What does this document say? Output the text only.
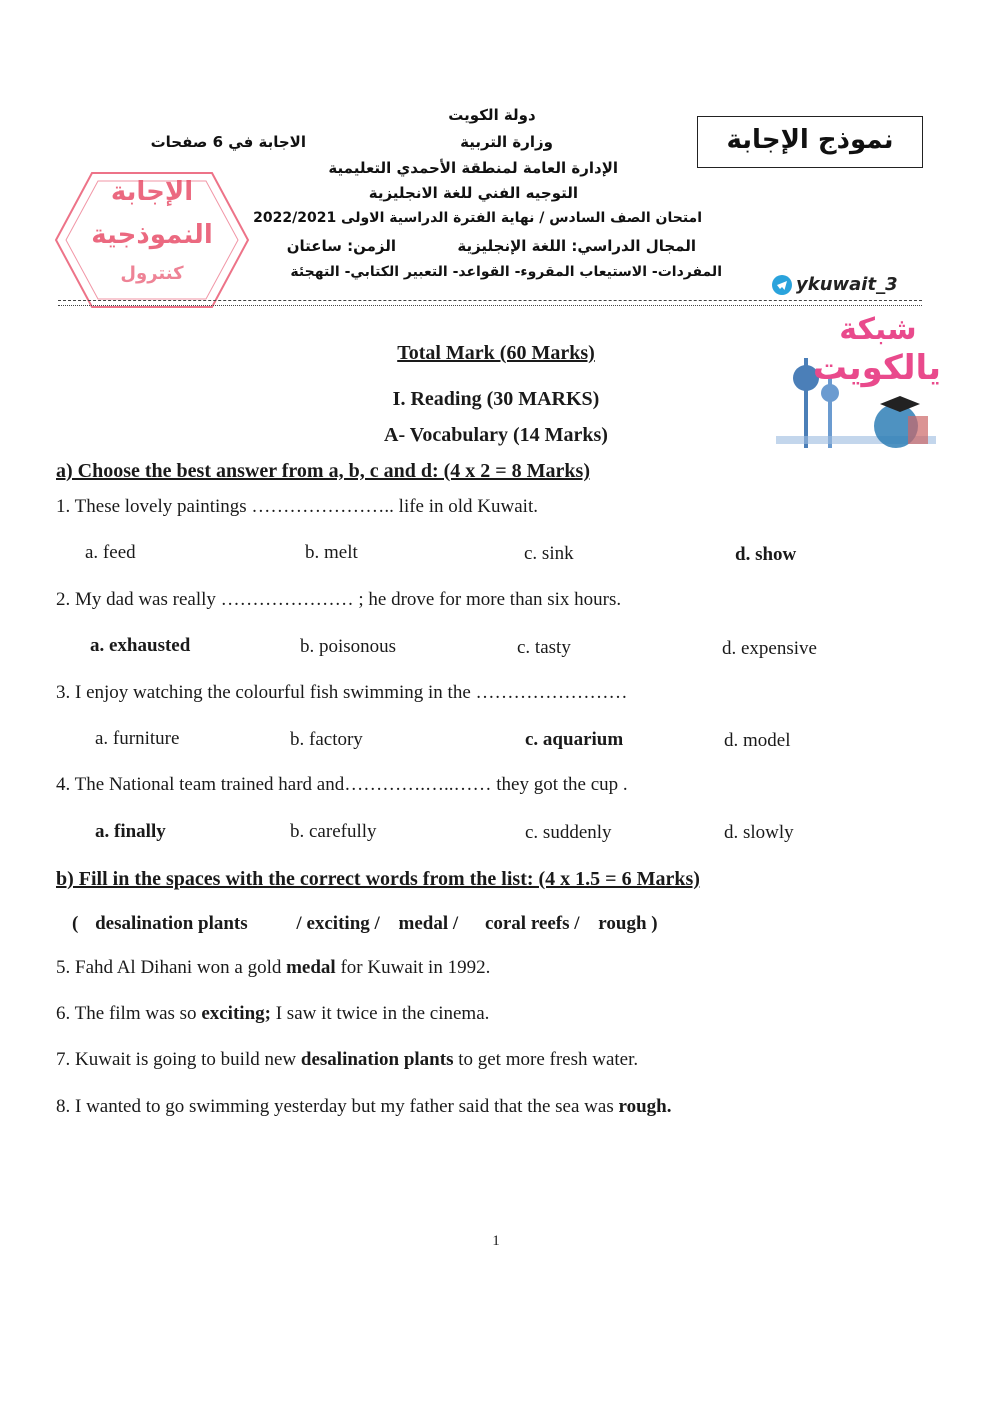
دولة الكويت
وزارة التربية
الاجابة في 6 صفحات
الإدارة العامة لمنطقة الأحمدي التعليمية
التوجيه الفني للغة الانجليزية
امتحان الصف السادس / نهاية الفترة الدراسية الاولى 2022/2021
المجال الدراسي: اللغة الإنجليزية
الزمن: ساعتان
المفردات- الاستيعاب المقروء- القواعد- التعبير الكتابي- التهجئة
نموذج الإجابة
الإجابة
النموذجية
كنترول
ykuwait_3
شبكة
يالكويت
Total Mark (60 Marks)
I. Reading (30 MARKS)
A- Vocabulary (14 Marks)
a) Choose the best answer from a, b, c and d: (4 x 2 = 8 Marks)
1. These lovely paintings ………………….. life in old Kuwait.
a. feed	b. melt	c. sink	d. show
2. My dad was really ………………… ; he drove for more than six hours.
a. exhausted	b. poisonous	c. tasty	d. expensive
3. I enjoy watching the colourful fish swimming in the ……………………
a. furniture	b. factory	c. aquarium	d. model
4. The National team trained hard and………….…..…… they got the cup .
a. finally	b. carefully	c. suddenly	d. slowly
b) Fill in the spaces with the correct words from the list: (4 x 1.5 = 6 Marks)
( desalination plants	/ exciting / medal / coral reefs / rough )
5. Fahd Al Dihani won a gold medal for Kuwait in 1992.
6. The film was so exciting; I saw it twice in the cinema.
7. Kuwait is going to build new desalination plants to get more fresh water.
8. I wanted to go swimming yesterday but my father said that the sea was rough.
1
